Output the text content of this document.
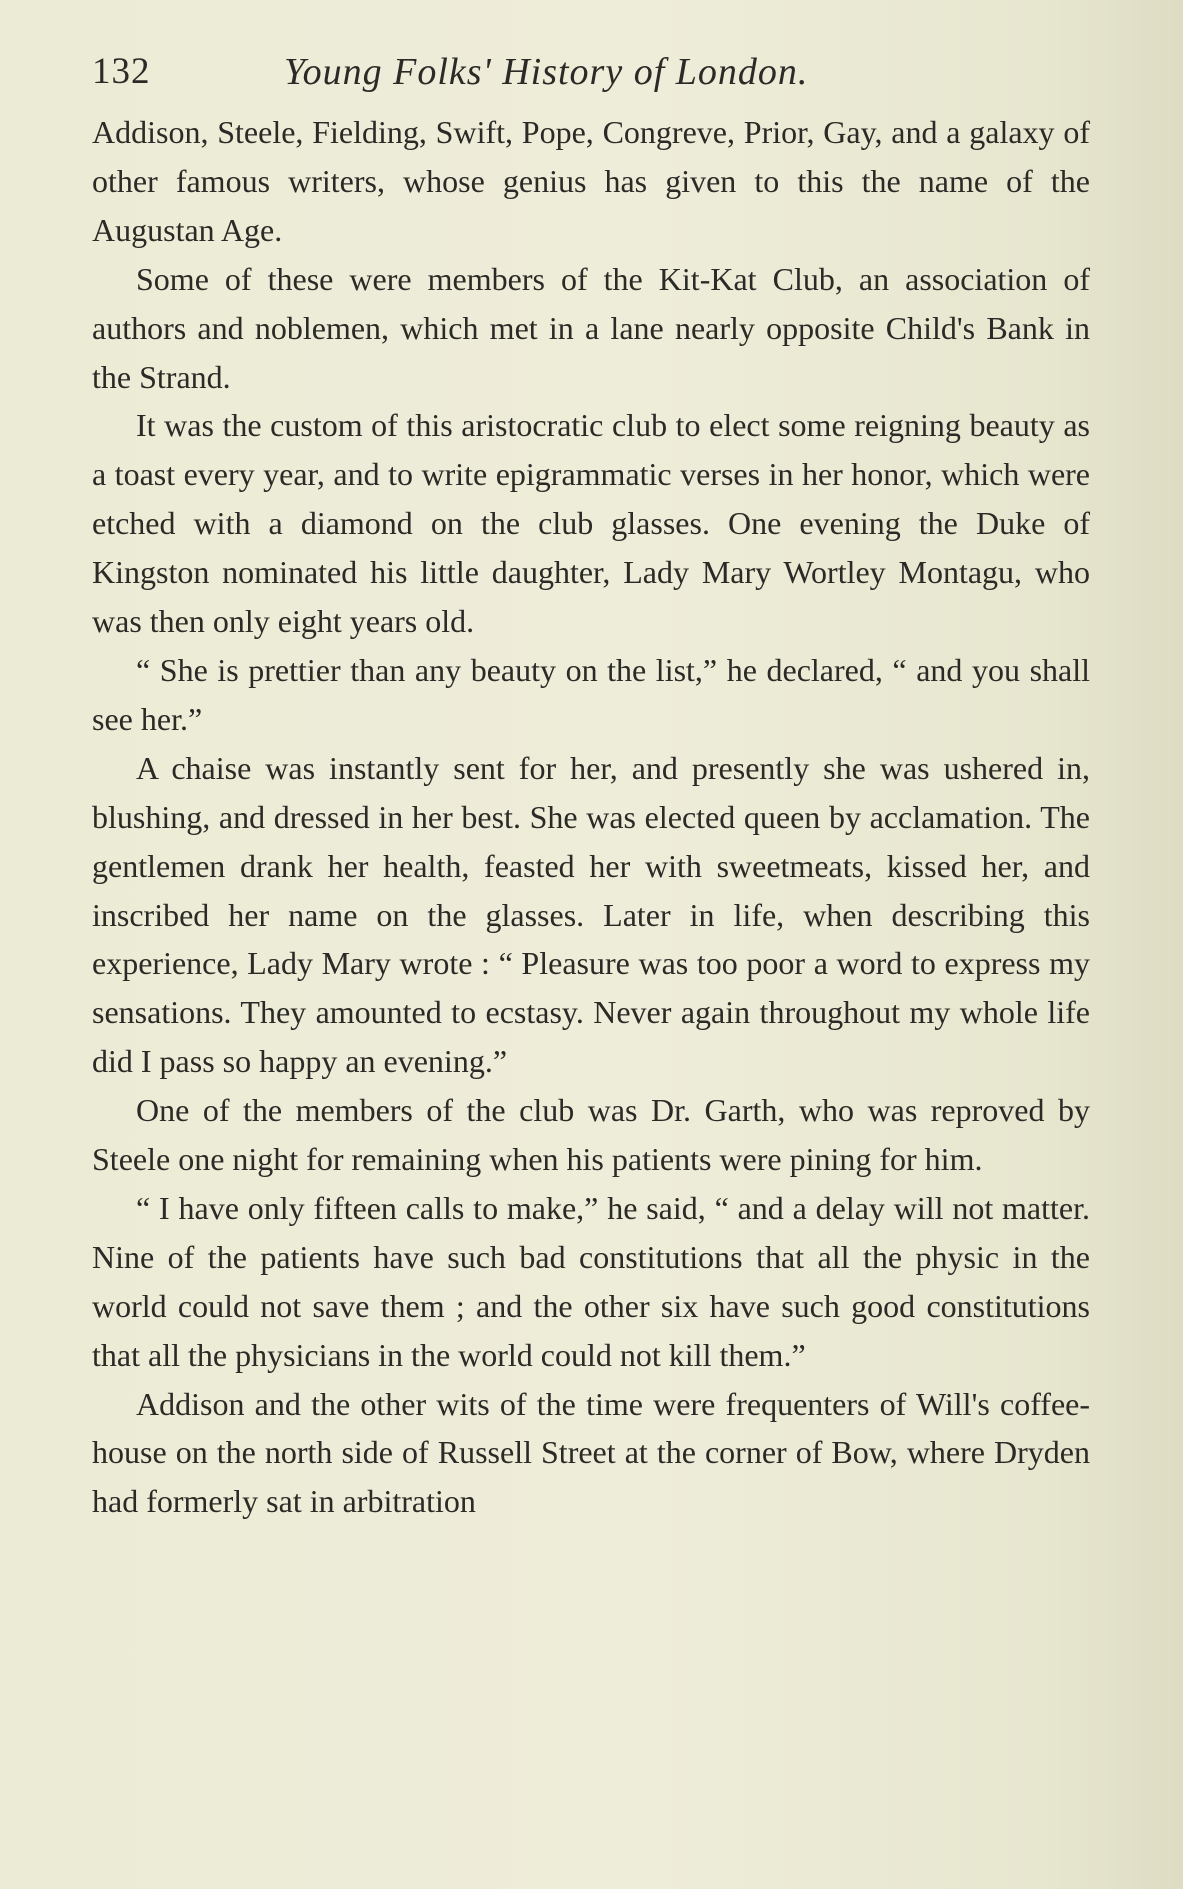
132	Young Folks' History of London.

Addison, Steele, Fielding, Swift, Pope, Congreve, Prior, Gay, and a galaxy of other famous writers, whose genius has given to this the name of the Augustan Age.

Some of these were members of the Kit-Kat Club, an association of authors and noblemen, which met in a lane nearly opposite Child's Bank in the Strand.

It was the custom of this aristocratic club to elect some reigning beauty as a toast every year, and to write epigrammatic verses in her honor, which were etched with a diamond on the club glasses. One evening the Duke of Kingston nominated his little daughter, Lady Mary Wortley Montagu, who was then only eight years old.

“ She is prettier than any beauty on the list,” he declared, “ and you shall see her.”

A chaise was instantly sent for her, and presently she was ushered in, blushing, and dressed in her best. She was elected queen by acclamation. The gentlemen drank her health, feasted her with sweetmeats, kissed her, and inscribed her name on the glasses. Later in life, when describing this experience, Lady Mary wrote : “ Pleasure was too poor a word to express my sensations. They amounted to ecstasy. Never again throughout my whole life did I pass so happy an evening.”

One of the members of the club was Dr. Garth, who was reproved by Steele one night for remaining when his patients were pining for him.

“ I have only fifteen calls to make,” he said, “ and a delay will not matter. Nine of the patients have such bad constitutions that all the physic in the world could not save them ; and the other six have such good constitutions that all the physicians in the world could not kill them.”

Addison and the other wits of the time were frequenters of Will's coffee-house on the north side of Russell Street at the corner of Bow, where Dryden had formerly sat in arbitration
